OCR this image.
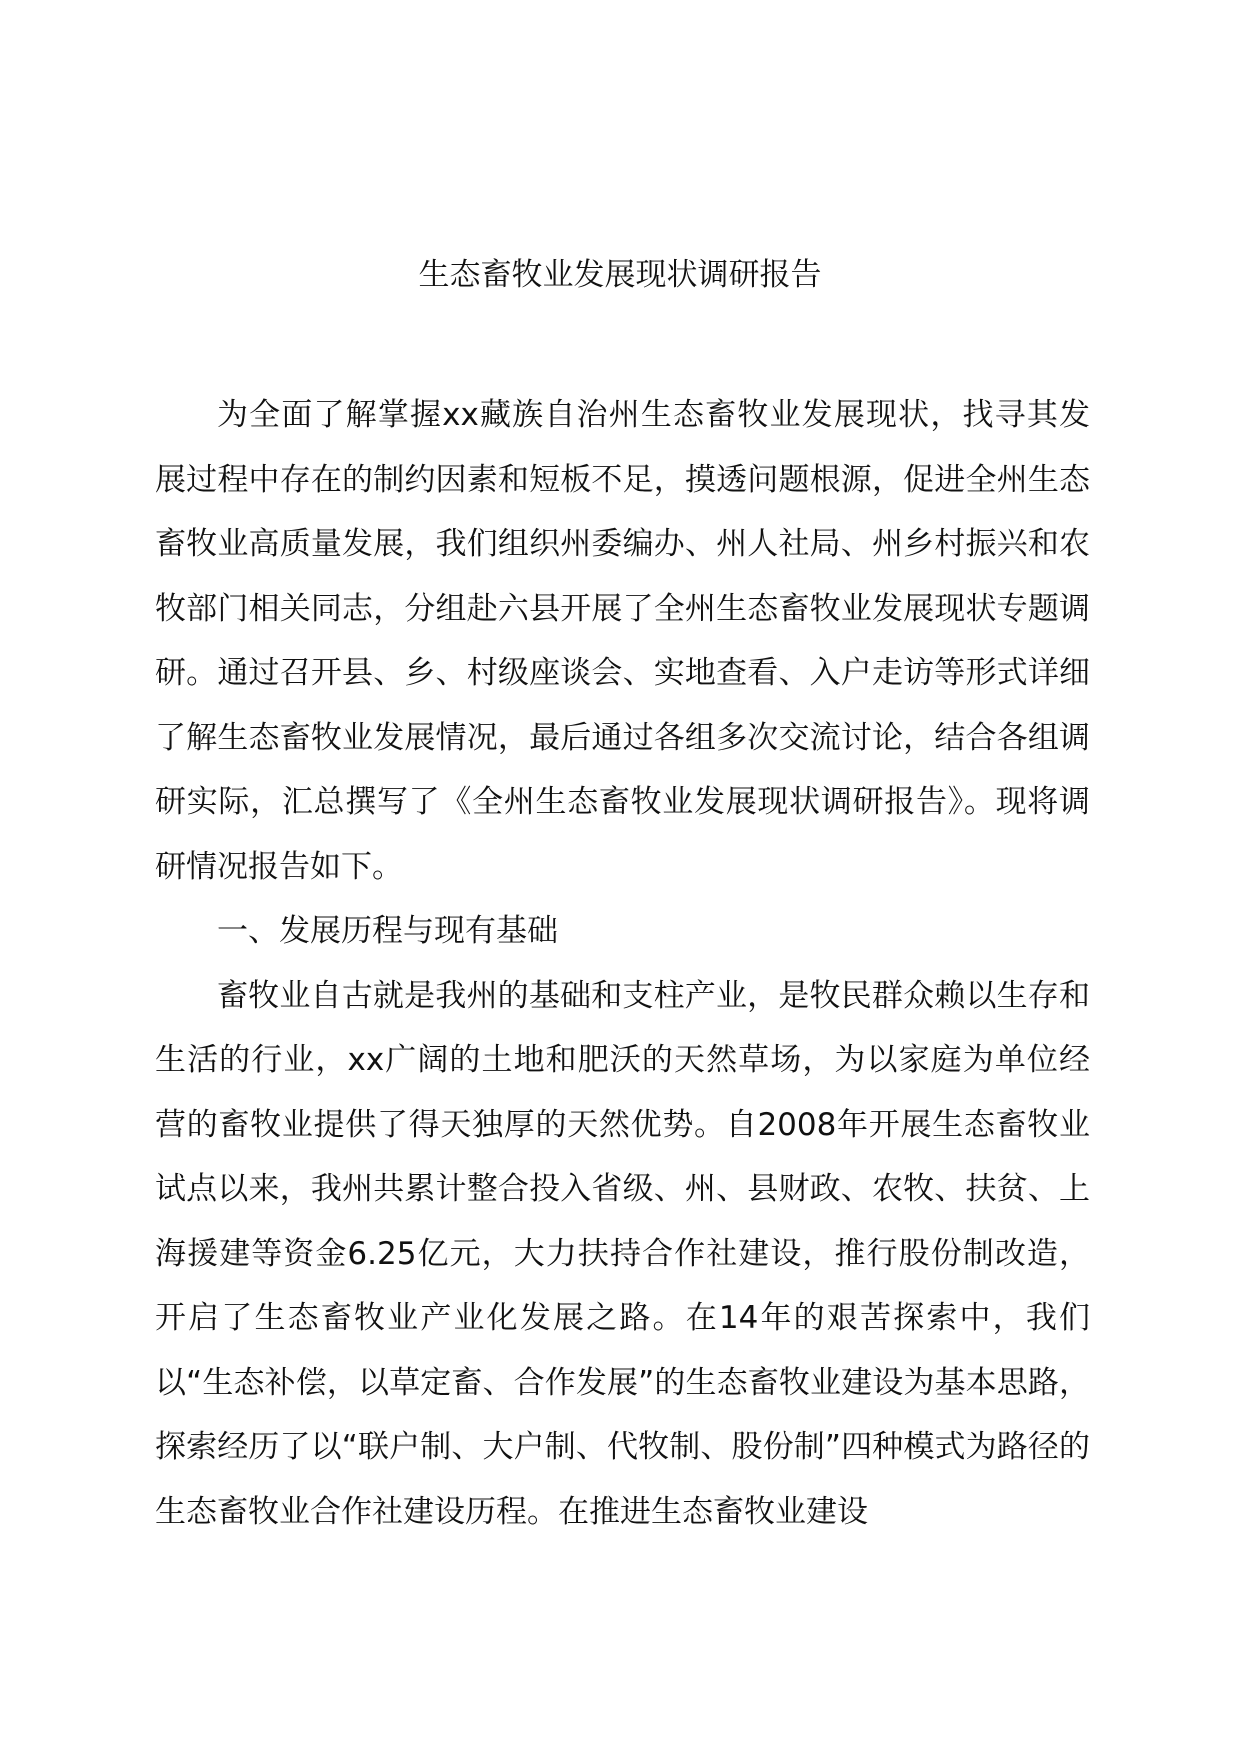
生态畜牧业发展现状调研报告

为全面了解掌握xx藏族自治州生态畜牧业发展现状，找寻其发展过程中存在的制约因素和短板不足，摸透问题根源，促进全州生态畜牧业高质量发展，我们组织州委编办、州人社局、州乡村振兴和农牧部门相关同志，分组赴六县开展了全州生态畜牧业发展现状专题调研。通过召开县、乡、村级座谈会、实地查看、入户走访等形式详细了解生态畜牧业发展情况，最后通过各组多次交流讨论，结合各组调研实际，汇总撰写了《全州生态畜牧业发展现状调研报告》。现将调研情况报告如下。

一、发展历程与现有基础

畜牧业自古就是我州的基础和支柱产业，是牧民群众赖以生存和生活的行业，xx广阔的土地和肥沃的天然草场，为以家庭为单位经营的畜牧业提供了得天独厚的天然优势。自2008年开展生态畜牧业试点以来，我州共累计整合投入省级、州、县财政、农牧、扶贫、上海援建等资金6.25亿元，大力扶持合作社建设，推行股份制改造，开启了生态畜牧业产业化发展之路。在14年的艰苦探索中，我们以“生态补偿，以草定畜、合作发展”的生态畜牧业建设为基本思路，探索经历了以“联户制、大户制、代牧制、股份制”四种模式为路径的生态畜牧业合作社建设历程。在推进生态畜牧业建设
